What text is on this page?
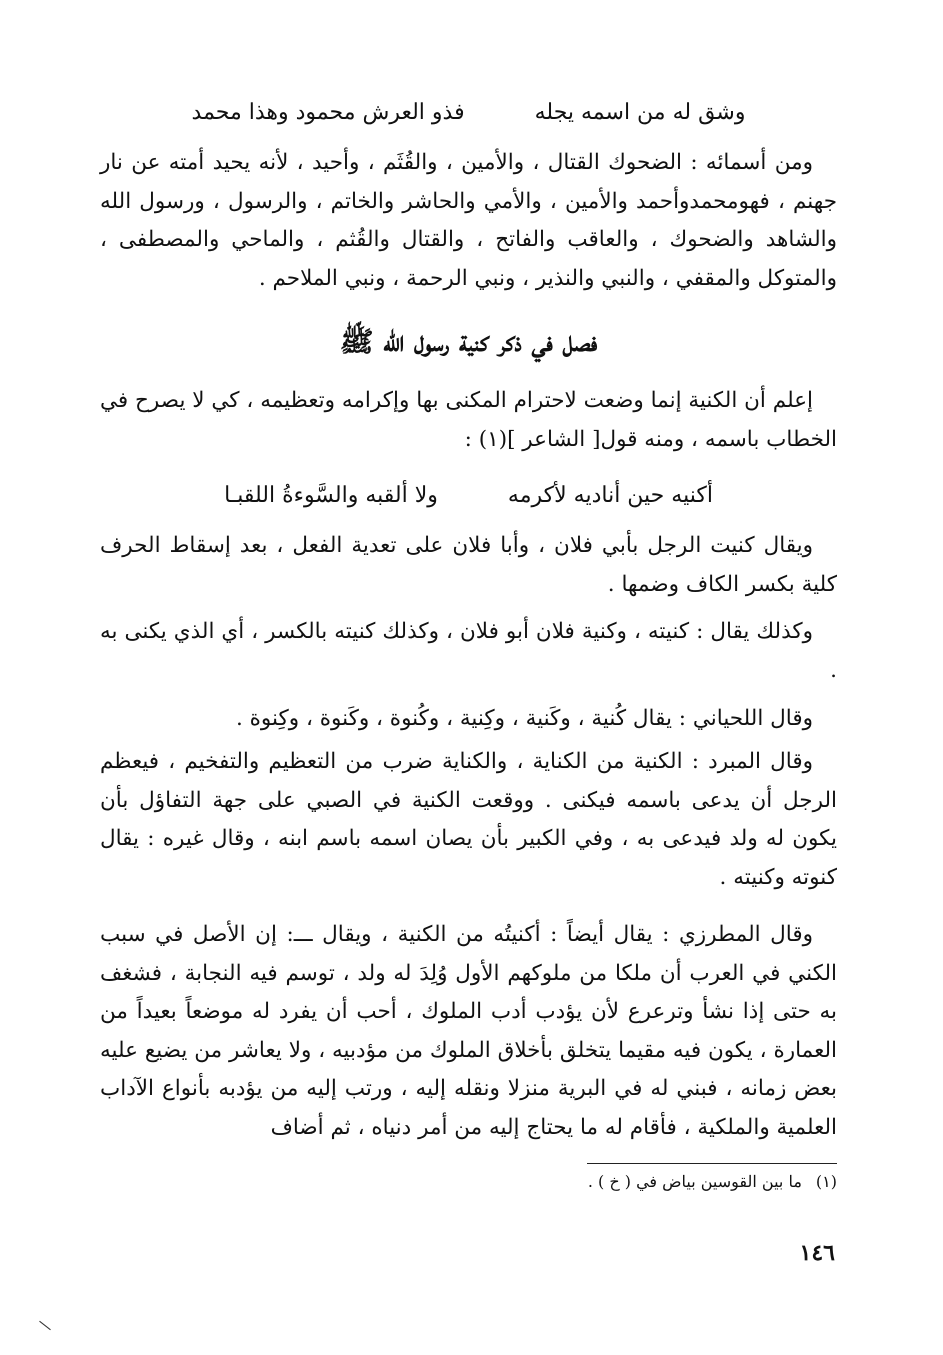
وشق له من اسمه يجله
فذو العرش محمود وهذا محمد

ومن أسمائه : الضحوك القتال ، والأمين ، والقُثَم ، وأحيد ، لأنه يحيد أمته عن نار جهنم ، فهومحمدوأحمد والأمين ، والأمي والحاشر والخاتم ، والرسول ، ورسول الله والشاهد والضحوك ، والعاقب والفاتح ، والقتال والقُثم ، والماحي والمصطفى ، والمتوكل والمقفي ، والنبي والنذير ، ونبي الرحمة ، ونبي الملاحم .

فصل في ذكر كنية رسول الله ﷺ

إعلم أن الكنية إنما وضعت لاحترام المكنى بها وإكرامه وتعظيمه ، كي لا يصرح في الخطاب باسمه ، ومنه قول[ الشاعر ](١) :

أكنيه حين أناديه لأكرمه
ولا ألقبه والسَّوءةُ اللقبـا

ويقال كنيت الرجل بأبي فلان ، وأبا فلان على تعدية الفعل ، بعد إسقاط الحرف كلية بكسر الكاف وضمها .

وكذلك يقال : كنيته ، وكنية فلان أبو فلان ، وكذلك كنيته بالكسر ، أي الذي يكنى به .

وقال اللحياني : يقال كُنية ، وكَنية ، وكِنية ، وكُنوة ، وكَنوة ، وكِنوة .

وقال المبرد : الكنية من الكناية ، والكناية ضرب من التعظيم والتفخيم ، فيعظم الرجل أن يدعى باسمه فيكنى . ووقعت الكنية في الصبي على جهة التفاؤل بأن يكون له ولد فيدعى به ، وفي الكبير بأن يصان اسمه باسم ابنه ، وقال غيره : يقال كنوته وكنيته .

وقال المطرزي : يقال أيضاً : أكنيتُه من الكنية ، ويقال ـــ: إن الأصل في سبب الكني في العرب أن ملكا من ملوكهم الأول وُلِدَ له ولد ، توسم فيه النجابة ، فشغف به حتى إذا نشأ وترعرع لأن يؤدب أدب الملوك ، أحب أن يفرد له موضعاً بعيداً من العمارة ، يكون فيه مقيما يتخلق بأخلاق الملوك من مؤدبيه ، ولا يعاشر من يضيع عليه بعض زمانه ، فبني له في البرية منزلا ونقله إليه ، ورتب إليه من يؤدبه بأنواع الآداب العلمية والملكية ، فأقام له ما يحتاج إليه من أمر دنياه ، ثم أضاف

(١)
ما بين القوسين بياض في ( خ ) .
١٤٦
